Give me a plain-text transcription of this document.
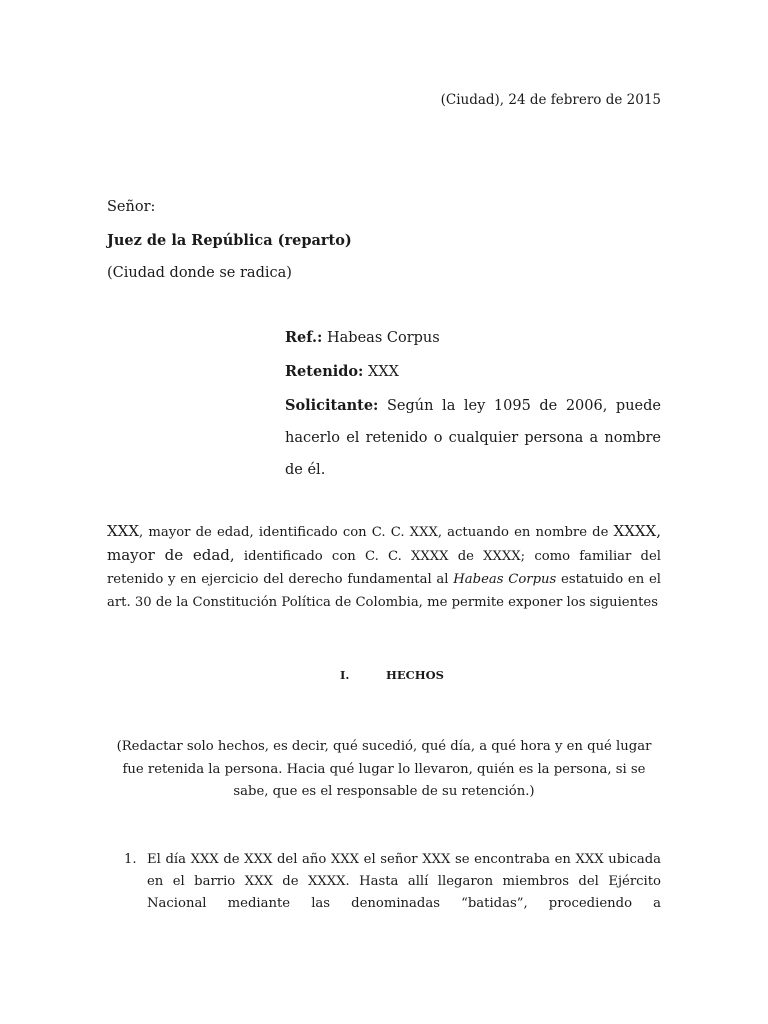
(Ciudad), 24 de febrero de 2015
Señor:
Juez de la República (reparto)
(Ciudad donde se radica)
Ref.: Habeas Corpus
Retenido: XXX
Solicitante: Según la ley 1095 de 2006, puede hacerlo el retenido o cualquier persona a nombre de él.
XXX, mayor de edad, identificado con C. C. XXX, actuando en nombre de XXXX, mayor de edad, identificado con C. C. XXXX de XXXX; como familiar del retenido y en ejercicio del derecho fundamental al Habeas Corpus estatuido en el art. 30 de la Constitución Política de Colombia, me permite exponer los siguientes
I.	HECHOS
(Redactar solo hechos, es decir, qué sucedió, qué día, a qué hora y en qué lugar fue retenida la persona. Hacia qué lugar lo llevaron, quién es la persona, si se sabe, que es el responsable de su retención.)
1. El día XXX de XXX del año XXX el señor XXX se encontraba en XXX ubicada en el barrio XXX de XXXX. Hasta allí llegaron miembros del Ejército Nacional mediante las denominadas “batidas”, procediendo a
